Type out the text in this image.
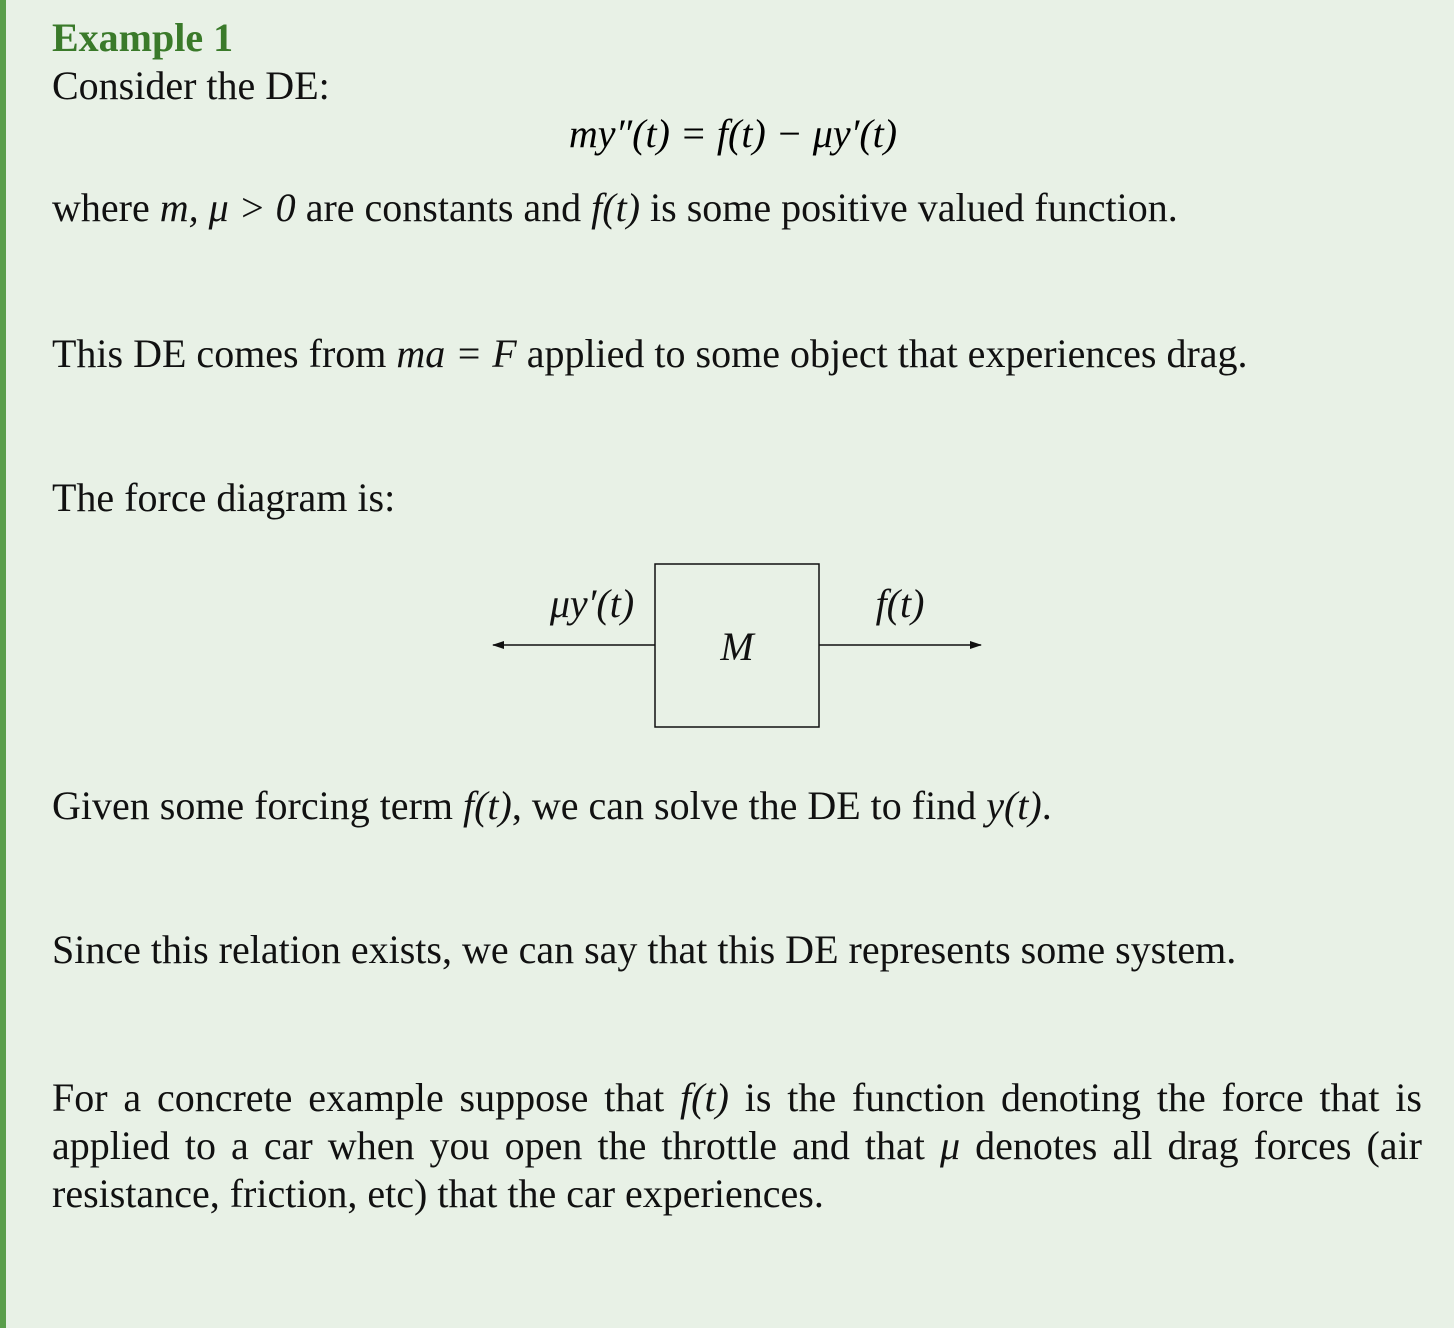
Example 1
Consider the DE:
my″(t) = f(t) − μy′(t)
where m, μ > 0 are constants and f(t) is some positive valued function.
This DE comes from ma = F applied to some object that experiences drag.
The force diagram is:
M
μy′(t)	f(t)
Given some forcing term f(t), we can solve the DE to find y(t).
Since this relation exists, we can say that this DE represents some system.
For a concrete example suppose that f(t) is the function denoting the force that is applied to a car when you open the throttle and that μ denotes all drag forces (air resistance, friction, etc) that the car experiences.
